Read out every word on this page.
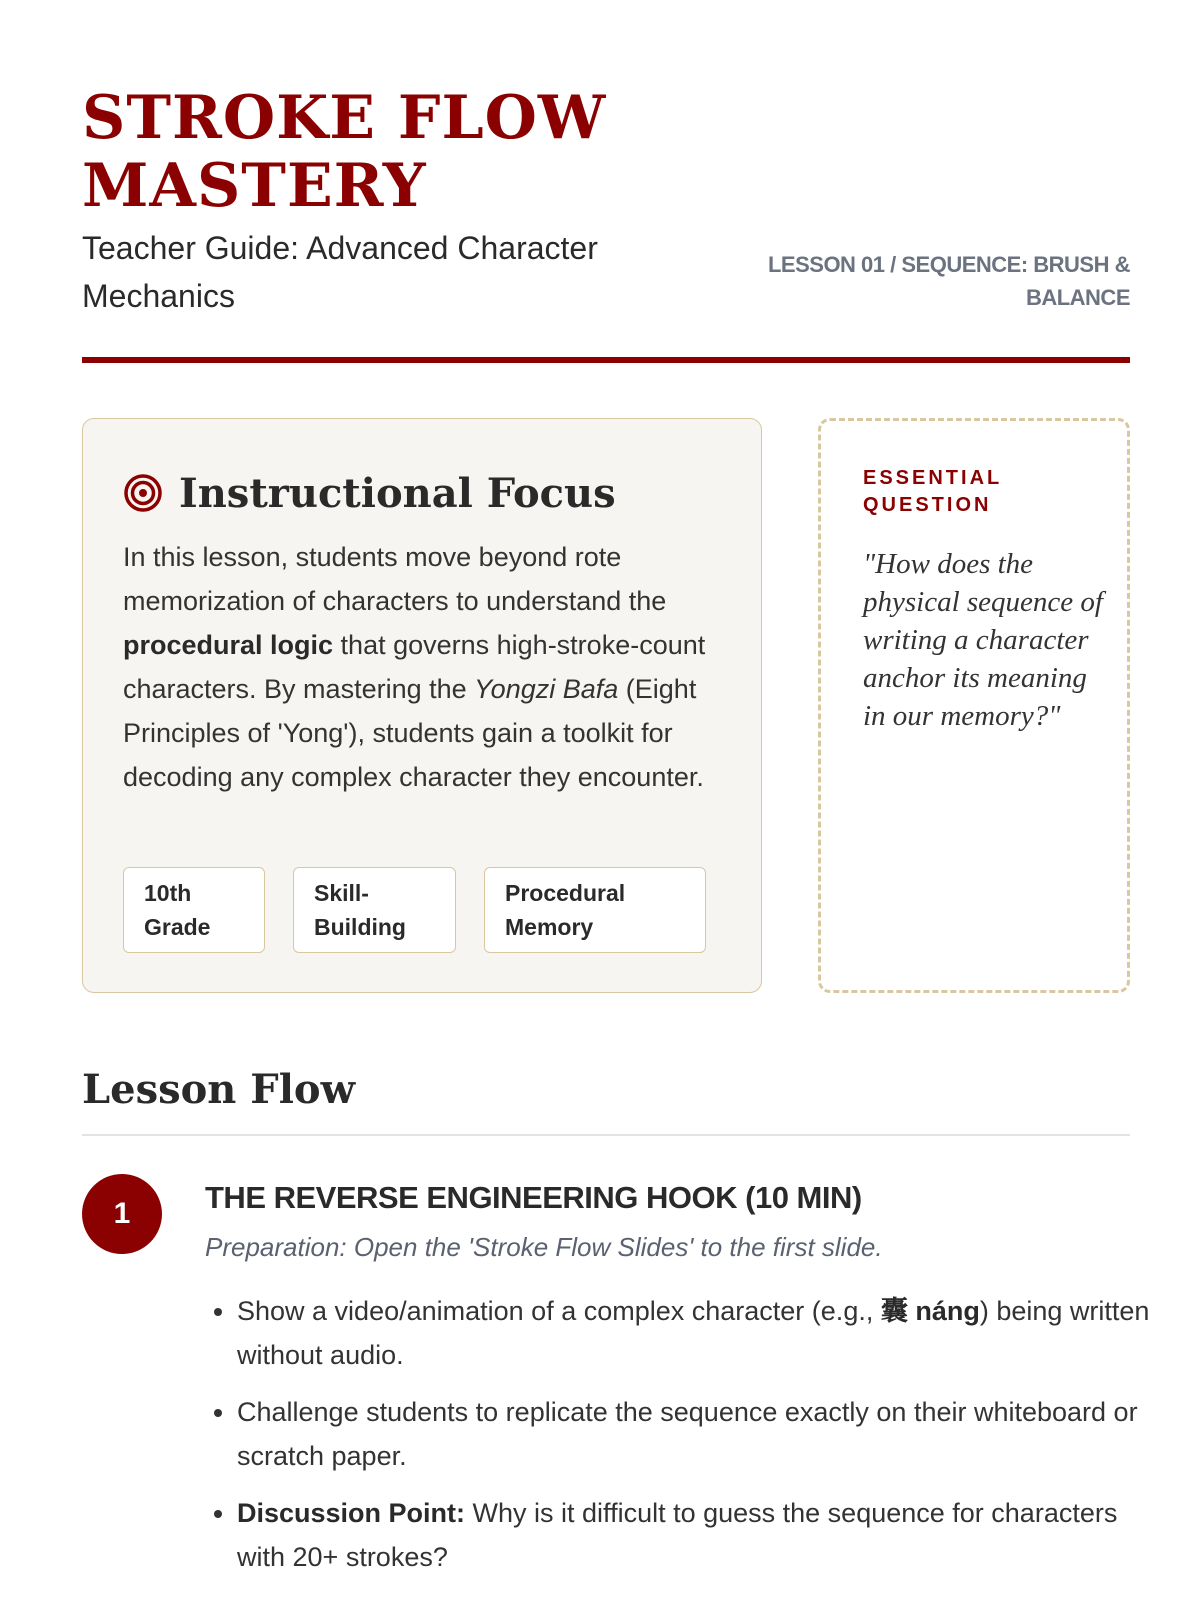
STROKE FLOW MASTERY
Teacher Guide: Advanced Character Mechanics
LESSON 01 / SEQUENCE: BRUSH & BALANCE
Instructional Focus

In this lesson, students move beyond rote memorization of characters to understand the procedural logic that governs high-stroke-count characters. By mastering the Yongzi Bafa (Eight Principles of 'Yong'), students gain a toolkit for decoding any complex character they encounter.

10th Grade
Skill-Building
Procedural Memory
ESSENTIAL QUESTION
"How does the physical sequence of writing a character anchor its meaning in our memory?"
Lesson Flow
1	THE REVERSE ENGINEERING HOOK (10 MIN)
Preparation: Open the 'Stroke Flow Slides' to the first slide.
• Show a video/animation of a complex character (e.g., 囊 náng) being written without audio.
• Challenge students to replicate the sequence exactly on their whiteboard or scratch paper.
• Discussion Point: Why is it difficult to guess the sequence for characters with 20+ strokes?
